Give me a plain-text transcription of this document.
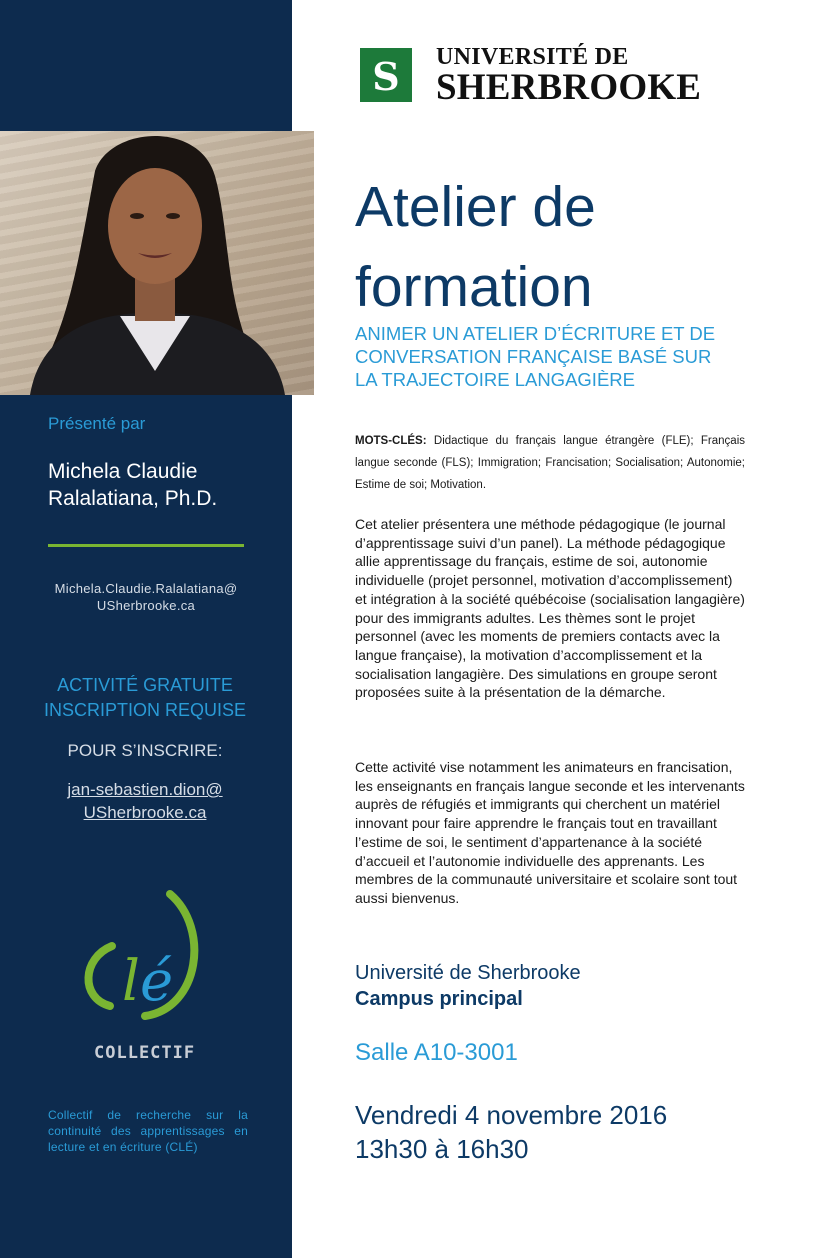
Présenté par
Michela Claudie
Ralalatiana, Ph.D.
Michela.Claudie.Ralalatiana@
USherbrooke.ca
ACTIVITÉ GRATUITE
INSCRIPTION REQUISE
POUR S’INSCRIRE:
jan-sebastien.dion@
USherbrooke.ca
l é
COLLECTIF
Collectif de recherche sur la continuité des apprentissages en lecture et en écriture (CLÉ)
S UNIVERSITÉ DE
SHERBROOKE
Atelier de
formation
ANIMER UN ATELIER D’ÉCRITURE ET DE
CONVERSATION FRANÇAISE BASÉ SUR
LA TRAJECTOIRE LANGAGIÈRE
MOTS-CLÉS: Didactique du français langue étrangère (FLE); Français langue seconde (FLS); Immigration; Francisation; Socialisation; Autonomie; Estime de soi; Motivation.
Cet atelier présentera une méthode pédagogique (le journal d’apprentissage suivi d’un panel). La méthode pédagogique allie apprentissage du français, estime de soi, autonomie individuelle (projet personnel, motivation d’accomplissement) et intégration à la société québécoise (socialisation langagière) pour des immigrants adultes. Les thèmes sont le projet personnel (avec les moments de premiers contacts avec la langue française), la motivation d’accomplissement et la socialisation langagière. Des simulations en groupe seront proposées suite à la présentation de la démarche.
Cette activité vise notamment les animateurs en francisation, les enseignants en français langue seconde et les intervenants auprès de réfugiés et immigrants qui cherchent un matériel innovant pour faire apprendre le français tout en travaillant l’estime de soi, le sentiment d’appartenance à la société d’accueil et l’autonomie individuelle des apprenants. Les membres de la communauté universitaire et scolaire sont tout aussi bienvenus.
Université de Sherbrooke
Campus principal
Salle A10-3001
Vendredi 4 novembre 2016
13h30 à 16h30
